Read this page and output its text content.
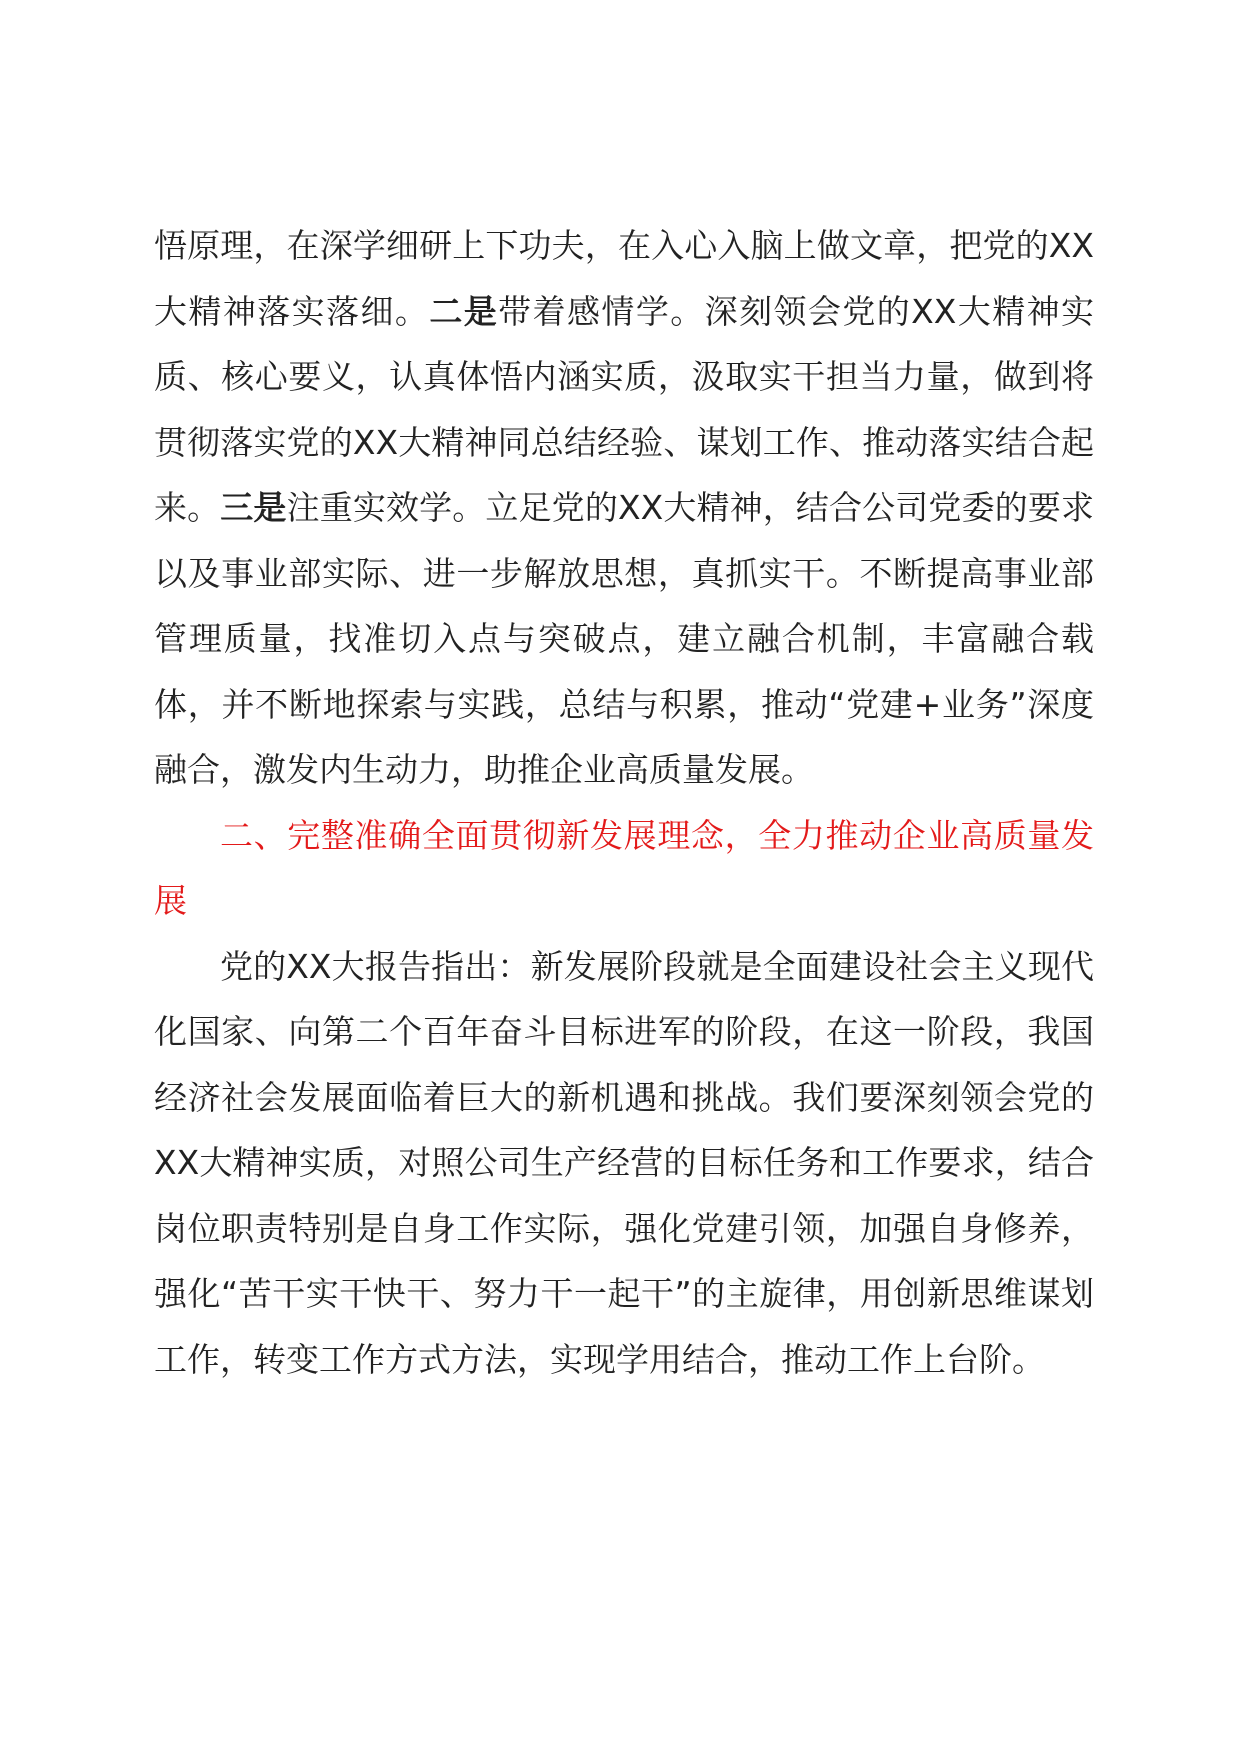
悟原理，在深学细研上下功夫，在入心入脑上做文章，把党的XX大精神落实落细。二是带着感情学。深刻领会党的XX大精神实质、核心要义，认真体悟内涵实质，汲取实干担当力量，做到将贯彻落实党的XX大精神同总结经验、谋划工作、推动落实结合起来。三是注重实效学。立足党的XX大精神，结合公司党委的要求以及事业部实际、进一步解放思想，真抓实干。不断提高事业部管理质量，找准切入点与突破点，建立融合机制，丰富融合载体，并不断地探索与实践，总结与积累，推动“党建+业务”深度融合，激发内生动力，助推企业高质量发展。

二、完整准确全面贯彻新发展理念，全力推动企业高质量发展

党的XX大报告指出：新发展阶段就是全面建设社会主义现代化国家、向第二个百年奋斗目标进军的阶段，在这一阶段，我国经济社会发展面临着巨大的新机遇和挑战。我们要深刻领会党的XX大精神实质，对照公司生产经营的目标任务和工作要求，结合岗位职责特别是自身工作实际，强化党建引领，加强自身修养，强化“苦干实干快干、努力干一起干”的主旋律，用创新思维谋划工作，转变工作方式方法，实现学用结合，推动工作上台阶。
